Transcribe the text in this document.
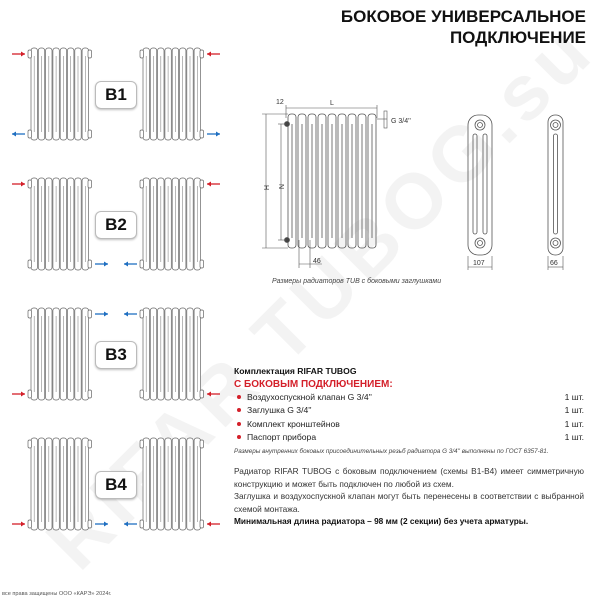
БОКОВОЕ УНИВЕРСАЛЬНОЕ
ПОДКЛЮЧЕНИЕ
B1
B2
B3
B4
12	L
H N
46
G 3/4''
107	66
Размеры радиаторов TUB с боковыми заглушками
Комплектация RIFAR TUBOG
С БОКОВЫМ ПОДКЛЮЧЕНИЕМ:
Воздухоспускной клапан G 3/4''	1 шт.
Заглушка G 3/4''	1 шт.
Комплект кронштейнов	1 шт.
Паспорт прибора	1 шт.
Размеры внутренних боковых присоединительных резьб радиатора G 3/4'' выполнены по ГОСТ 6357-81.
Радиатор RIFAR TUBOG с боковым подключением (схемы В1-В4) имеет симметричную конструкцию и может быть подключен по любой из схем.
Заглушка и воздухоспускной клапан могут быть перенесены в соответствии с выбранной схемой монтажа.
Минимальная длина радиатора – 98 мм (2 секции) без учета арматуры.
все права защищены ООО «КАРЭ» 2024г.
